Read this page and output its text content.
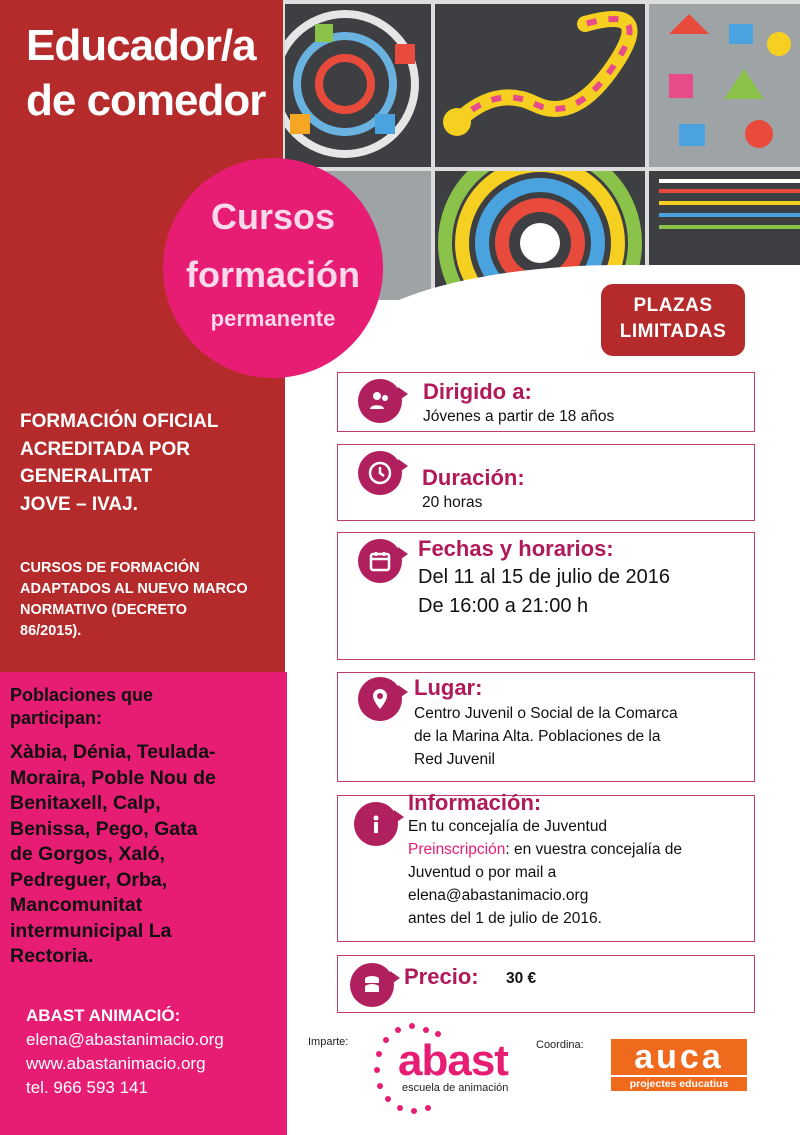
Educador/a
de comedor
FORMACIÓN OFICIAL
ACREDITADA POR
GENERALITAT
JOVE – IVAJ.
CURSOS DE FORMACIÓN
ADAPTADOS AL NUEVO MARCO
NORMATIVO (DECRETO
86/2015).
Poblaciones que
participan:
Xàbia, Dénia, Teulada-
Moraira, Poble Nou de
Benitaxell, Calp,
Benissa, Pego, Gata
de Gorgos, Xaló,
Pedreguer, Orba,
Mancomunitat
intermunicipal La
Rectoria.
ABAST ANIMACIÓ:
elena@abastanimacio.org
www.abastanimacio.org
tel. 966 593 141
Cursos
formación
permanente
PLAZAS
LIMITADAS
Dirigido a:
Jóvenes a partir de 18 años
Duración:
20 horas
Fechas y horarios:
Del 11 al 15 de julio de 2016
De 16:00 a 21:00 h
Lugar:
Centro Juvenil o Social de la Comarca
de la Marina Alta. Poblaciones de la
Red Juvenil
Información:
En tu concejalía de Juventud
Preinscripción: en vuestra concejalía de
Juventud o por mail a
elena@abastanimacio.org
antes del 1 de julio de 2016.
Precio: 30 €
Imparte: abast
escuela de animación
Coordina:	auca
projectes educatius
